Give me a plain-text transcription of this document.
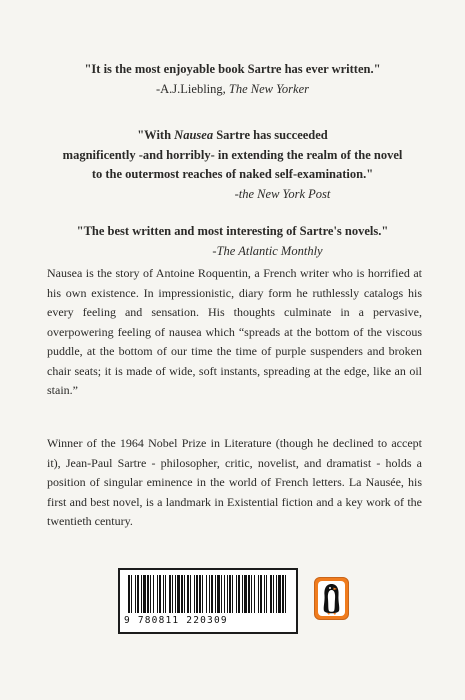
"It is the most enjoyable book Sartre has ever written."
-A.J.Liebling, The New Yorker
"With Nausea Sartre has succeeded
magnificently -and horribly- in extending the realm of the novel
to the outermost reaches of naked self-examination."
-the New York Post
"The best written and most interesting of Sartre's novels."
-The Atlantic Monthly

Nausea is the story of Antoine Roquentin, a French writer who is horrified at his own existence. In impressionistic, diary form he ruthlessly catalogs his every feeling and sensation. His thoughts culminate in a pervasive, overpowering feeling of nausea which “spreads at the bottom of the viscous puddle, at the bottom of our time the time of purple suspenders and broken chair seats; it is made of wide, soft instants, spreading at the edge, like an oil stain.”

Winner of the 1964 Nobel Prize in Literature (though he declined to accept it), Jean-Paul Sartre - philosopher, critic, novelist, and dramatist - holds a position of singular eminence in the world of French letters. La Nausée, his first and best novel, is a landmark in Existential fiction and a key work of the twentieth century.

9 780811 220309
